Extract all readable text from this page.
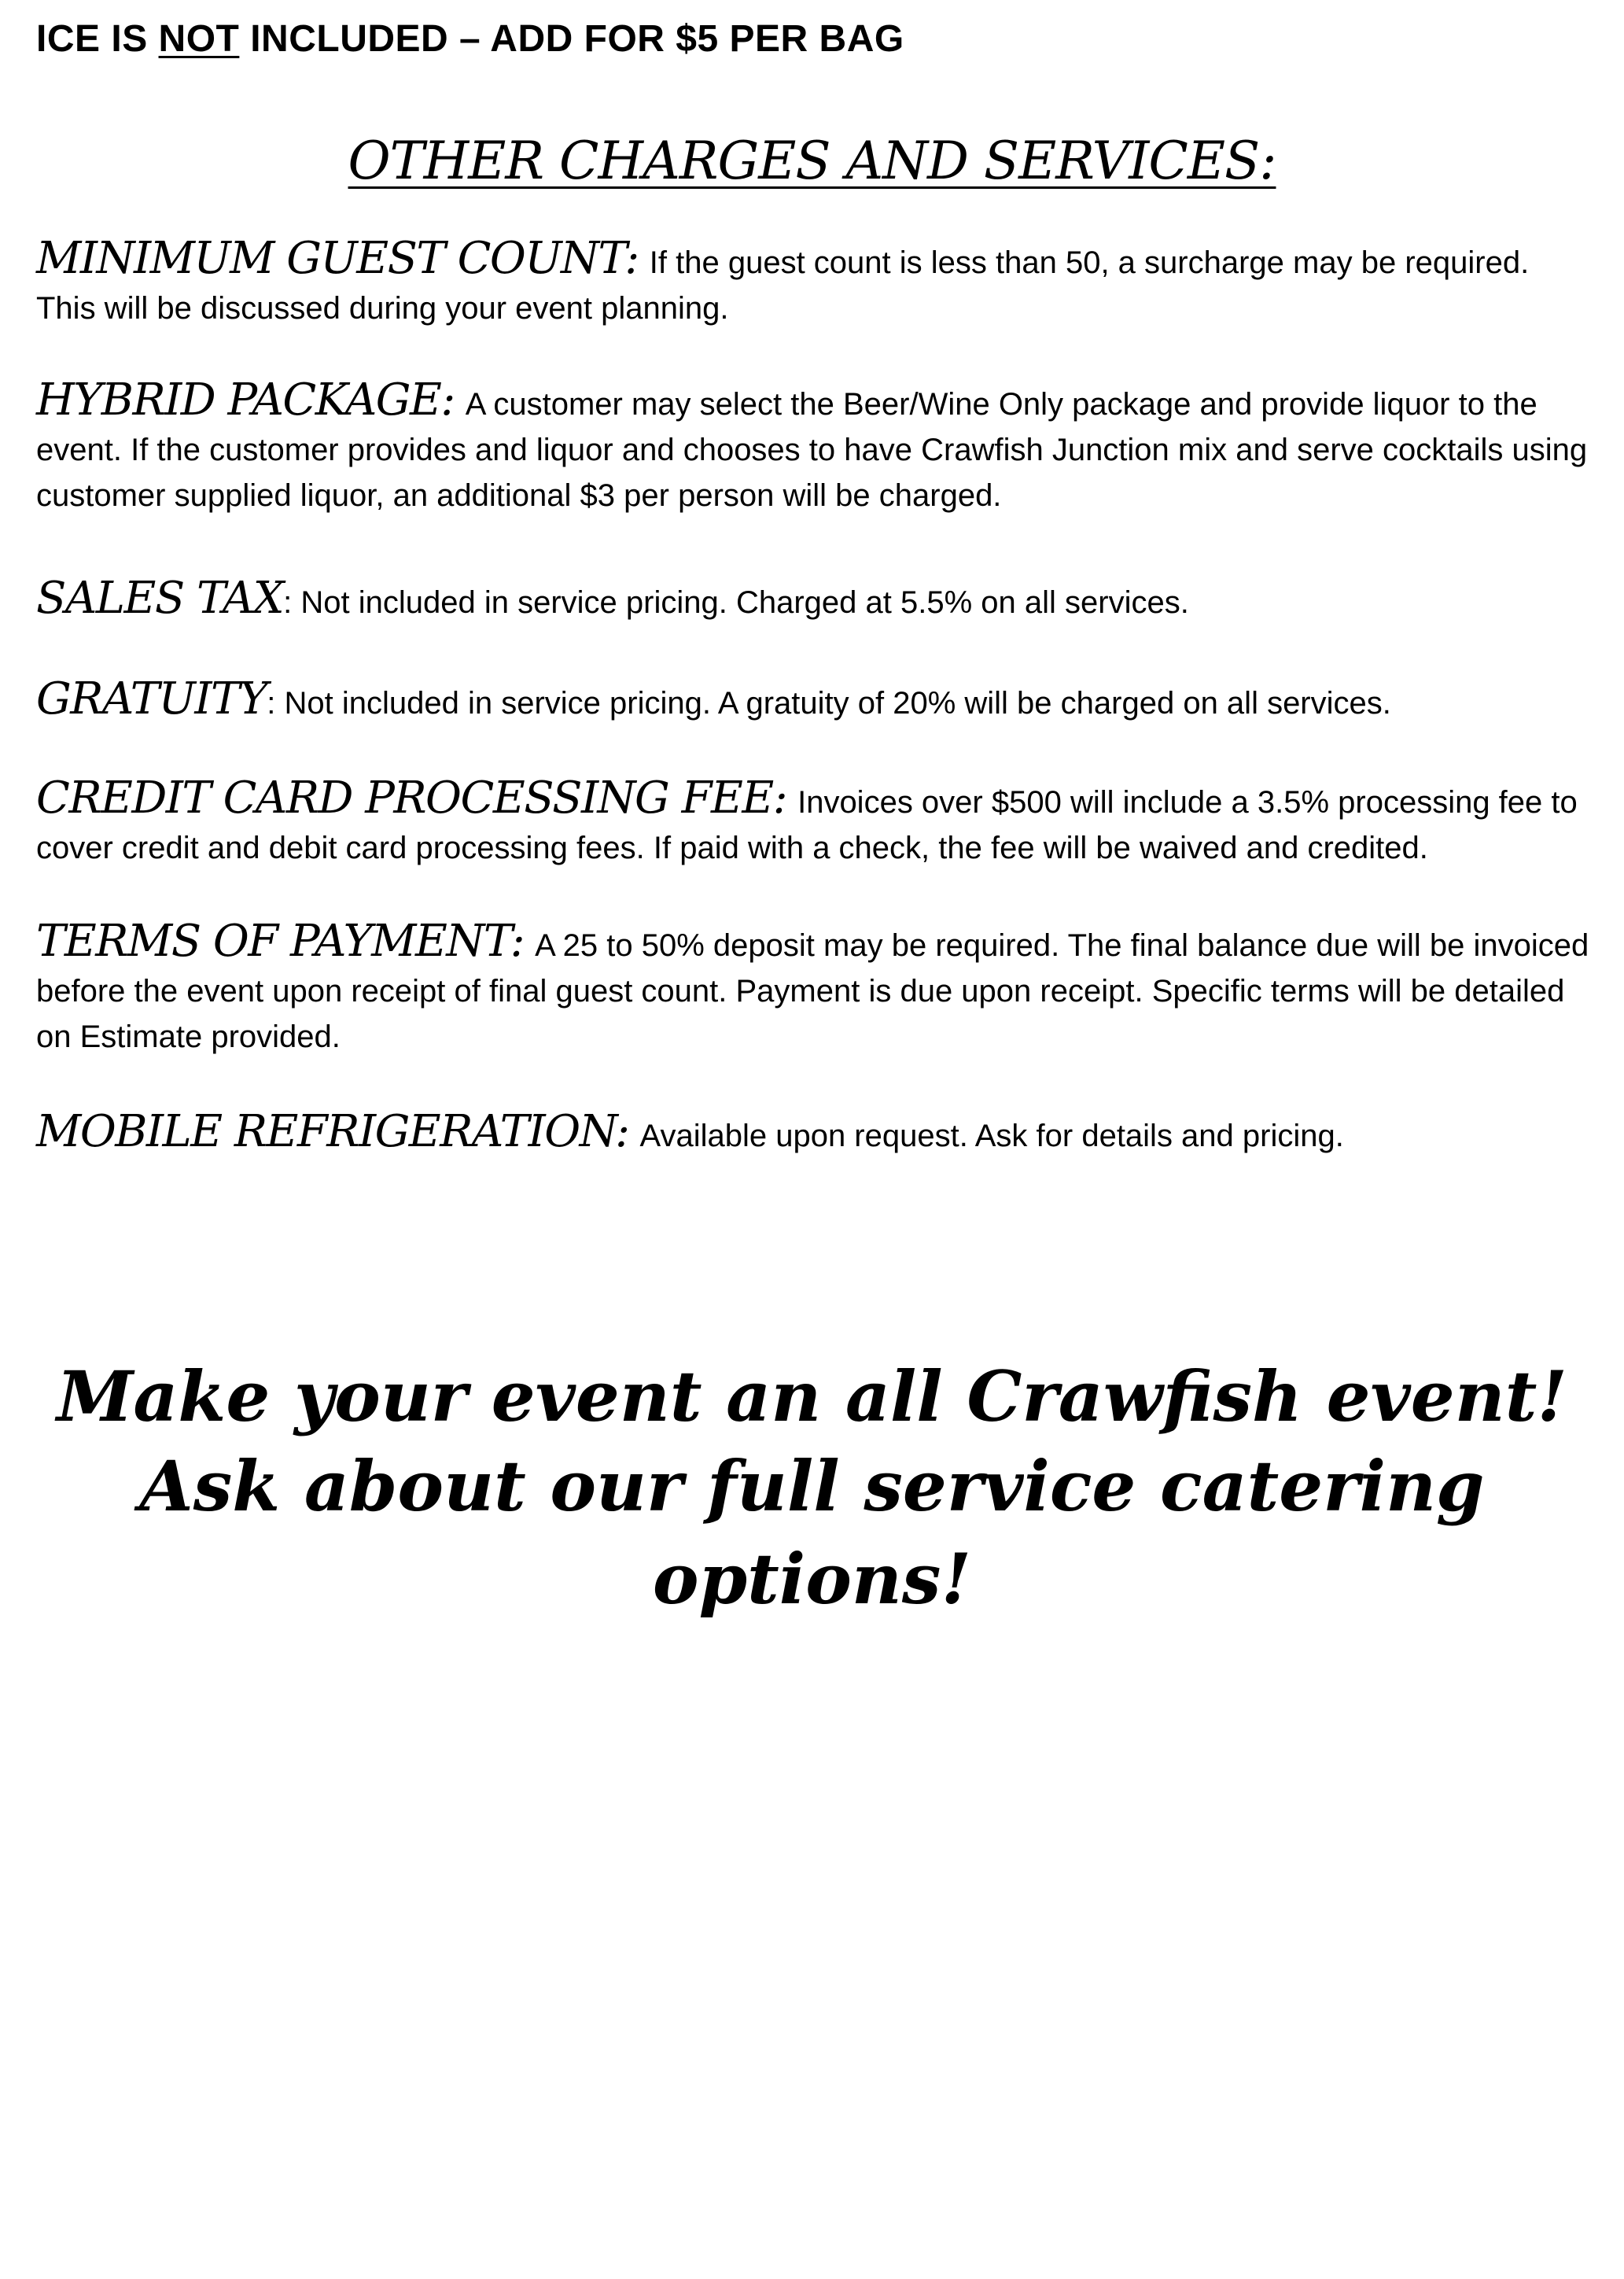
ICE IS NOT INCLUDED – ADD FOR $5 PER BAG
OTHER CHARGES AND SERVICES:
MINIMUM GUEST COUNT: If the guest count is less than 50, a surcharge may be required. This will be discussed during your event planning.
HYBRID PACKAGE: A customer may select the Beer/Wine Only package and provide liquor to the event. If the customer provides and liquor and chooses to have Crawfish Junction mix and serve cocktails using customer supplied liquor, an additional $3 per person will be charged.
SALES TAX: Not included in service pricing. Charged at 5.5% on all services.
GRATUITY: Not included in service pricing. A gratuity of 20% will be charged on all services.
CREDIT CARD PROCESSING FEE: Invoices over $500 will include a 3.5% processing fee to cover credit and debit card processing fees. If paid with a check, the fee will be waived and credited.
TERMS OF PAYMENT: A 25 to 50% deposit may be required. The final balance due will be invoiced before the event upon receipt of final guest count. Payment is due upon receipt. Specific terms will be detailed on Estimate provided.
MOBILE REFRIGERATION: Available upon request. Ask for details and pricing.
Make your event an all Crawfish event!
Ask about our full service catering options!
